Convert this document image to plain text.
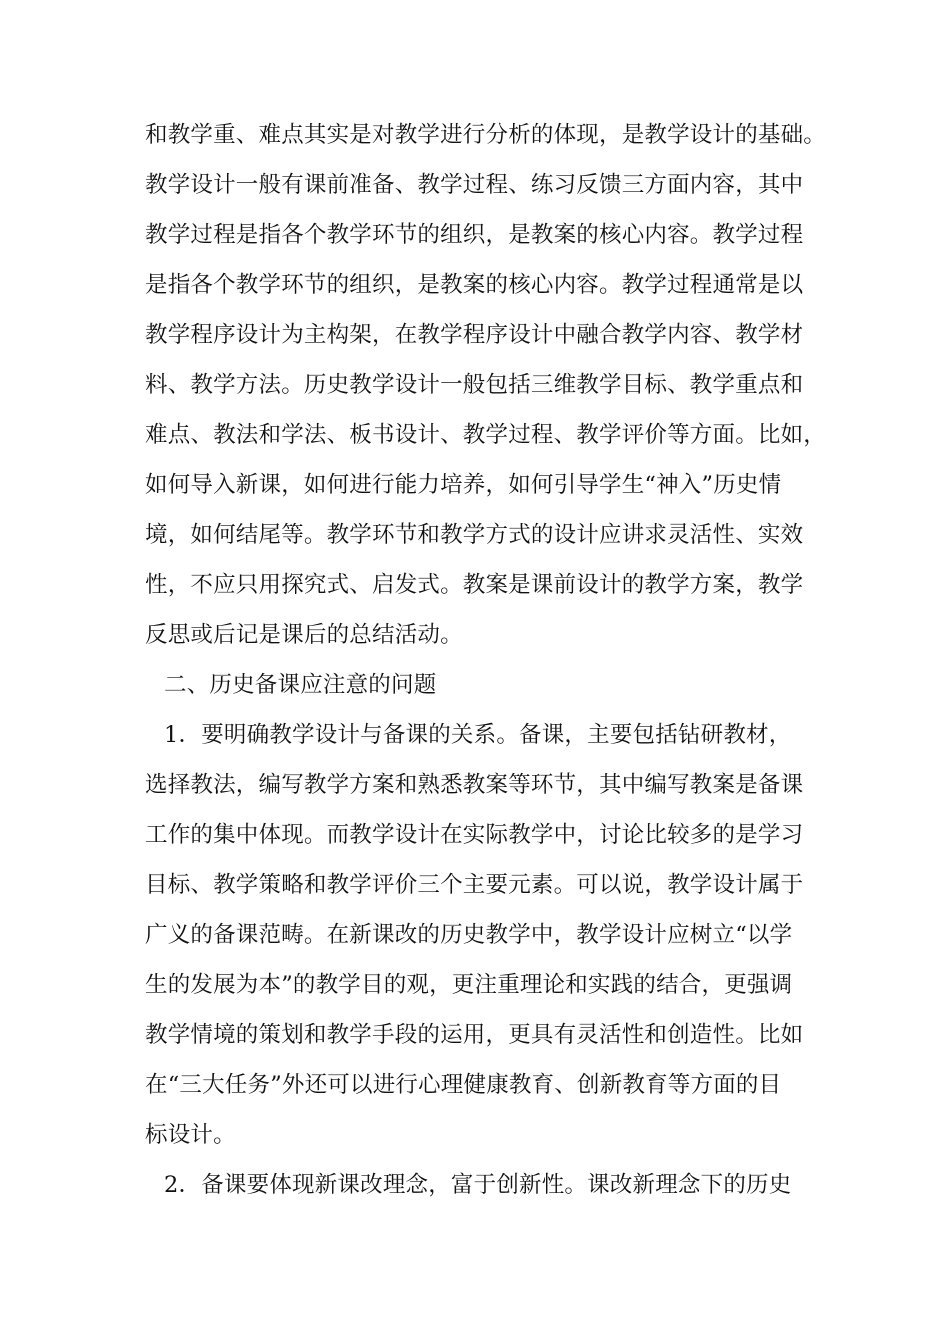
和教学重、难点其实是对教学进行分析的体现，是教学设计的基础。
教学设计一般有课前准备、教学过程、练习反馈三方面内容，其中
教学过程是指各个教学环节的组织，是教案的核心内容。教学过程
是指各个教学环节的组织，是教案的核心内容。教学过程通常是以
教学程序设计为主构架，在教学程序设计中融合教学内容、教学材
料、教学方法。历史教学设计一般包括三维教学目标、教学重点和
难点、教法和学法、板书设计、教学过程、教学评价等方面。比如，
如何导入新课，如何进行能力培养，如何引导学生“神入”历史情
境，如何结尾等。教学环节和教学方式的设计应讲求灵活性、实效
性，不应只用探究式、启发式。教案是课前设计的教学方案，教学
反思或后记是课后的总结活动。
二、历史备课应注意的问题
1．要明确教学设计与备课的关系。备课，主要包括钻研教材，
选择教法，编写教学方案和熟悉教案等环节，其中编写教案是备课
工作的集中体现。而教学设计在实际教学中，讨论比较多的是学习
目标、教学策略和教学评价三个主要元素。可以说，教学设计属于
广义的备课范畴。在新课改的历史教学中，教学设计应树立“以学
生的发展为本”的教学目的观，更注重理论和实践的结合，更强调
教学情境的策划和教学手段的运用，更具有灵活性和创造性。比如
在“三大任务”外还可以进行心理健康教育、创新教育等方面的目
标设计。
2．备课要体现新课改理念，富于创新性。课改新理念下的历史
